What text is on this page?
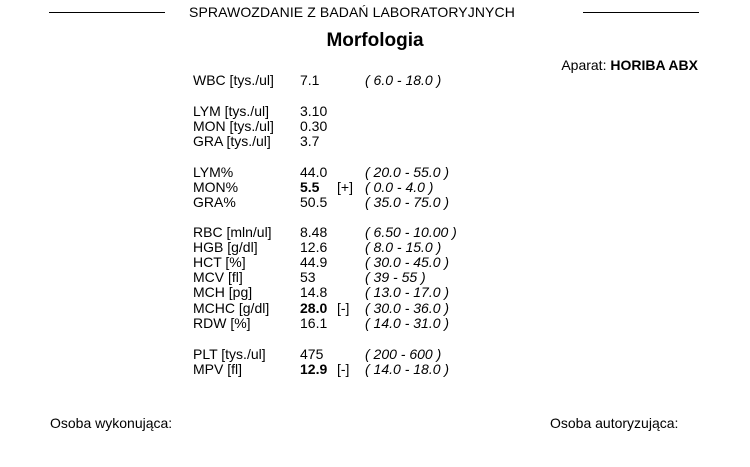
SPRAWOZDANIE Z BADAŃ LABORATORYJNYCH
Morfologia
Aparat: HORIBA ABX
WBC [tys./ul] 7.1	( 6.0 - 18.0 )
LYM [tys./ul] 3.10
MON [tys./ul] 0.30
GRA [tys./ul] 3.7
LYM%	44.0	( 20.0 - 55.0 )
MON%	5.5 [+] ( 0.0 - 4.0 )
GRA%	50.5	( 35.0 - 75.0 )
RBC [mln/ul] 8.48	( 6.50 - 10.00 )
HGB [g/dl]	12.6	( 8.0 - 15.0 )
HCT [%]	44.9	( 30.0 - 45.0 )
MCV [fl]	53	( 39 - 55 )
MCH [pg]	14.8	( 13.0 - 17.0 )
MCHC [g/dl] 28.0 [-] ( 30.0 - 36.0 )
RDW [%]	16.1	( 14.0 - 31.0 )
PLT [tys./ul] 475	( 200 - 600 )
MPV [fl]	12.9 [-] ( 14.0 - 18.0 )
Osoba wykonująca:	Osoba autoryzująca:
